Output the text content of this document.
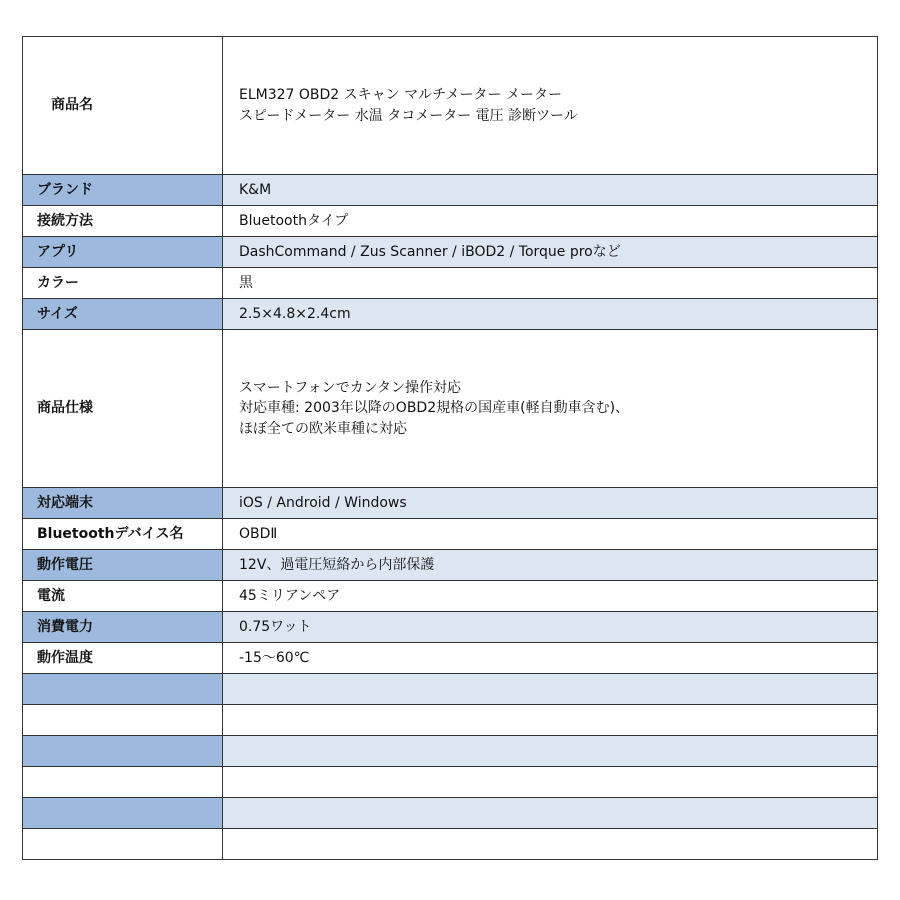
商品名	ELM327 OBD2 スキャン マルチメーター メーター
スピードメーター 水温 タコメーター 電圧 診断ツール

ブランド	K&M
接続方法	Bluetoothタイプ
アプリ	DashCommand / Zus Scanner / iBOD2 / Torque proなど
カラー	黒
サイズ	2.5×4.8×2.4cm
商品仕様	スマートフォンでカンタン操作対応
対応車種: 2003年以降のOBD2規格の国産車(軽自動車含む)、
ほぼ全ての欧米車種に対応

対応端末	iOS / Android / Windows
Bluetoothデバイス名	OBDⅡ
動作電圧	12V、過電圧短絡から内部保護
電流	45ミリアンペア
消費電力	0.75ワット
動作温度	-15～60℃
